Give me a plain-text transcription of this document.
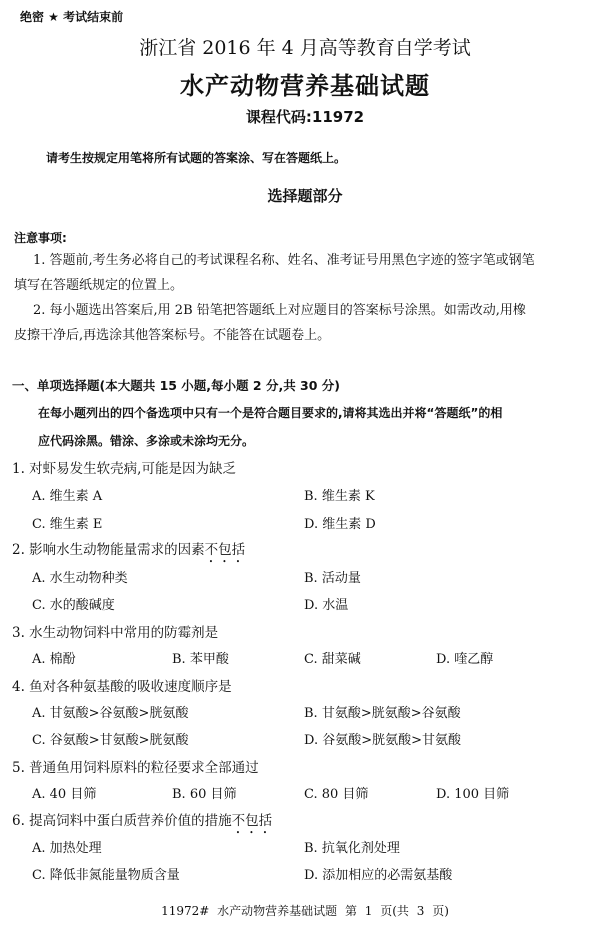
绝密 ★ 考试结束前
浙江省 2016 年 4 月高等教育自学考试
水产动物营养基础试题
课程代码:11972
请考生按规定用笔将所有试题的答案涂、写在答题纸上。
选择题部分
注意事项:
1. 答题前,考生务必将自己的考试课程名称、姓名、准考证号用黑色字迹的签字笔或钢笔
填写在答题纸规定的位置上。
2. 每小题选出答案后,用 2B 铅笔把答题纸上对应题目的答案标号涂黑。如需改动,用橡
皮擦干净后,再选涂其他答案标号。不能答在试题卷上。
一、单项选择题(本大题共 15 小题,每小题 2 分,共 30 分)
在每小题列出的四个备选项中只有一个是符合题目要求的,请将其选出并将“答题纸”的相
应代码涂黑。错涂、多涂或未涂均无分。
1. 对虾易发生软壳病,可能是因为缺乏
A. 维生素 A	B. 维生素 K
C. 维生素 E	D. 维生素 D
2. 影响水生动物能量需求的因素不包括
A. 水生动物种类	B. 活动量
C. 水的酸碱度	D. 水温
3. 水生动物饲料中常用的防霉剂是
A. 棉酚	B. 苯甲酸	C. 甜菜碱	D. 喹乙醇
4. 鱼对各种氨基酸的吸收速度顺序是
A. 甘氨酸>谷氨酸>胱氨酸	B. 甘氨酸>胱氨酸>谷氨酸
C. 谷氨酸>甘氨酸>胱氨酸	D. 谷氨酸>胱氨酸>甘氨酸
5. 普通鱼用饲料原料的粒径要求全部通过
A. 40 目筛	B. 60 目筛	C. 80 目筛	D. 100 目筛
6. 提高饲料中蛋白质营养价值的措施不包括
A. 加热处理	B. 抗氧化剂处理
C. 降低非氮能量物质含量	D. 添加相应的必需氨基酸
11972# 水产动物营养基础试题 第 1 页(共 3 页)
